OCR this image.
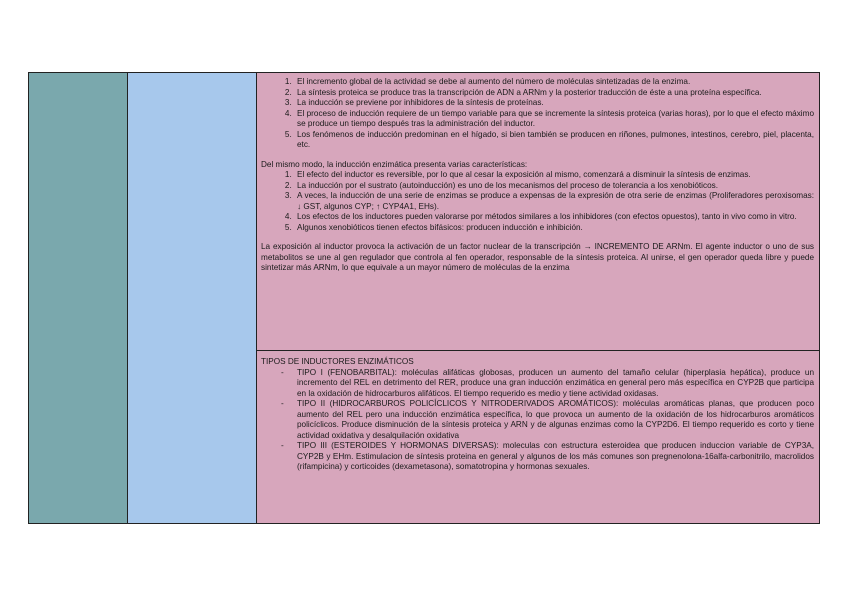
1. El incremento global de la actividad se debe al aumento del número de moléculas sintetizadas de la enzima.
2. La síntesis proteica se produce tras la transcripción de ADN a ARNm y la posterior traducción de éste a una proteína específica.
3. La inducción se previene por inhibidores de la síntesis de proteínas.
4. El proceso de inducción requiere de un tiempo variable para que se incremente la síntesis proteica (varias horas), por lo que el efecto máximo se produce un tiempo después tras la administración del inductor.
5. Los fenómenos de inducción predominan en el hígado, si bien también se producen en riñones, pulmones, intestinos, cerebro, piel, placenta, etc.

Del mismo modo, la inducción enzimática presenta varias características:

1. El efecto del inductor es reversible, por lo que al cesar la exposición al mismo, comenzará a disminuir la síntesis de enzimas.
2. La inducción por el sustrato (autoinducción) es uno de los mecanismos del proceso de tolerancia a los xenobióticos.
3. A veces, la inducción de una serie de enzimas se produce a expensas de la expresión de otra serie de enzimas (Proliferadores peroxisomas: ↓ GST, algunos CYP; ↑ CYP4A1, EHs).
4. Los efectos de los inductores pueden valorarse por métodos similares a los inhibidores (con efectos opuestos), tanto in vivo como in vitro.
5. Algunos xenobióticos tienen efectos bifásicos: producen inducción e inhibición.

La exposición al inductor provoca la activación de un factor nuclear de la transcripción → INCREMENTO DE ARNm. El agente inductor o uno de sus metabolitos se une al gen regulador que controla al fen operador, responsable de la síntesis proteica. Al unirse, el gen operador queda libre y puede sintetizar más ARNm, lo que equivale a un mayor número de moléculas de la enzima

TIPOS DE INDUCTORES ENZIMÁTICOS

- TIPO I (FENOBARBITAL): moléculas alifáticas globosas, producen un aumento del tamaño celular (hiperplasia hepática), produce un incremento del REL en detrimento del RER, produce una gran inducción enzimática en general pero más específica en CYP2B que participa en la oxidación de hidrocarburos alifáticos. El tiempo requerido es medio y tiene actividad oxidasas.
- TIPO II (HIDROCARBUROS POLICÍCLICOS Y NITRODERIVADOS AROMÁTICOS): moléculas aromáticas planas, que producen poco aumento del REL pero una inducción enzimática específica, lo que provoca un aumento de la oxidación de los hidrocarburos aromáticos policíclicos. Produce disminución de la síntesis proteica y ARN y de algunas enzimas como la CYP2D6. El tiempo requerido es corto y tiene actividad oxidativa y desalquilación oxidativa
- TIPO III (ESTEROIDES Y HORMONAS DIVERSAS): moleculas con estructura esteroidea que producen induccion variable de CYP3A, CYP2B y EHm. Estimulacion de síntesis proteina en general y algunos de los más comunes son pregnenolona-16alfa-carbonitrilo, macrolidos (rifampicina) y corticoides (dexametasona), somatotropina y hormonas sexuales.
